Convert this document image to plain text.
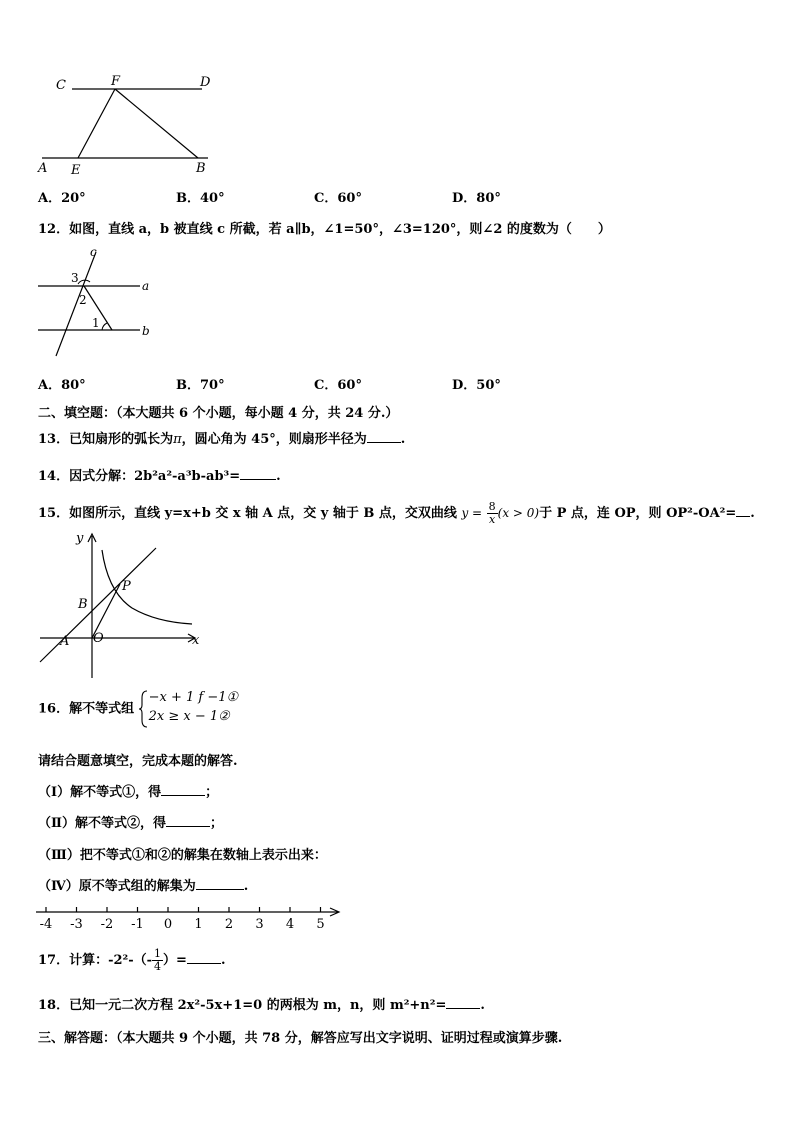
C	F	D
A E	B
A．20°	B．40°	C．60°	D．80°
12．如图，直线 a，b 被直线 c 所截，若 a∥b，∠1=50°，∠3=120°，则∠2 的度数为（　　）
c
a
b
3
2
1
A．80°	B．70°	C．60°	D．50°
二、填空题：（本大题共 6 个小题，每小题 4 分，共 24 分.）
13．已知扇形的弧长为π，圆心角为 45°，则扇形半径为	.
14．因式分解：2b²a²-a³b-ab³=	.
15．如图所示，直线 y=x+b 交 x 轴 A 点，交 y 轴于 B 点，交双曲线 $y = \frac{8}{x} (x > 0)$于 P 点，连 OP，则 OP²-OA²= .
y
x
B
P
A O
16．解不等式组
−x + 1 f −1①
2x ≥ x − 1②
请结合题意填空，完成本题的解答.
（Ⅰ）解不等式①，得	；
（Ⅱ）解不等式②，得	；
（Ⅲ）把不等式①和②的解集在数轴上表示出来：
（Ⅳ）原不等式组的解集为	.
-4 -3 -2 -1 0 1 2 3 4 5
17．计算：$-2^2-(- \frac{1}{4}$ ）=	.
18．已知一元二次方程 2x²-5x+1=0 的两根为 m，n，则 m²+n²=	.
三、解答题：（本大题共 9 个小题，共 78 分，解答应写出文字说明、证明过程或演算步骤.
